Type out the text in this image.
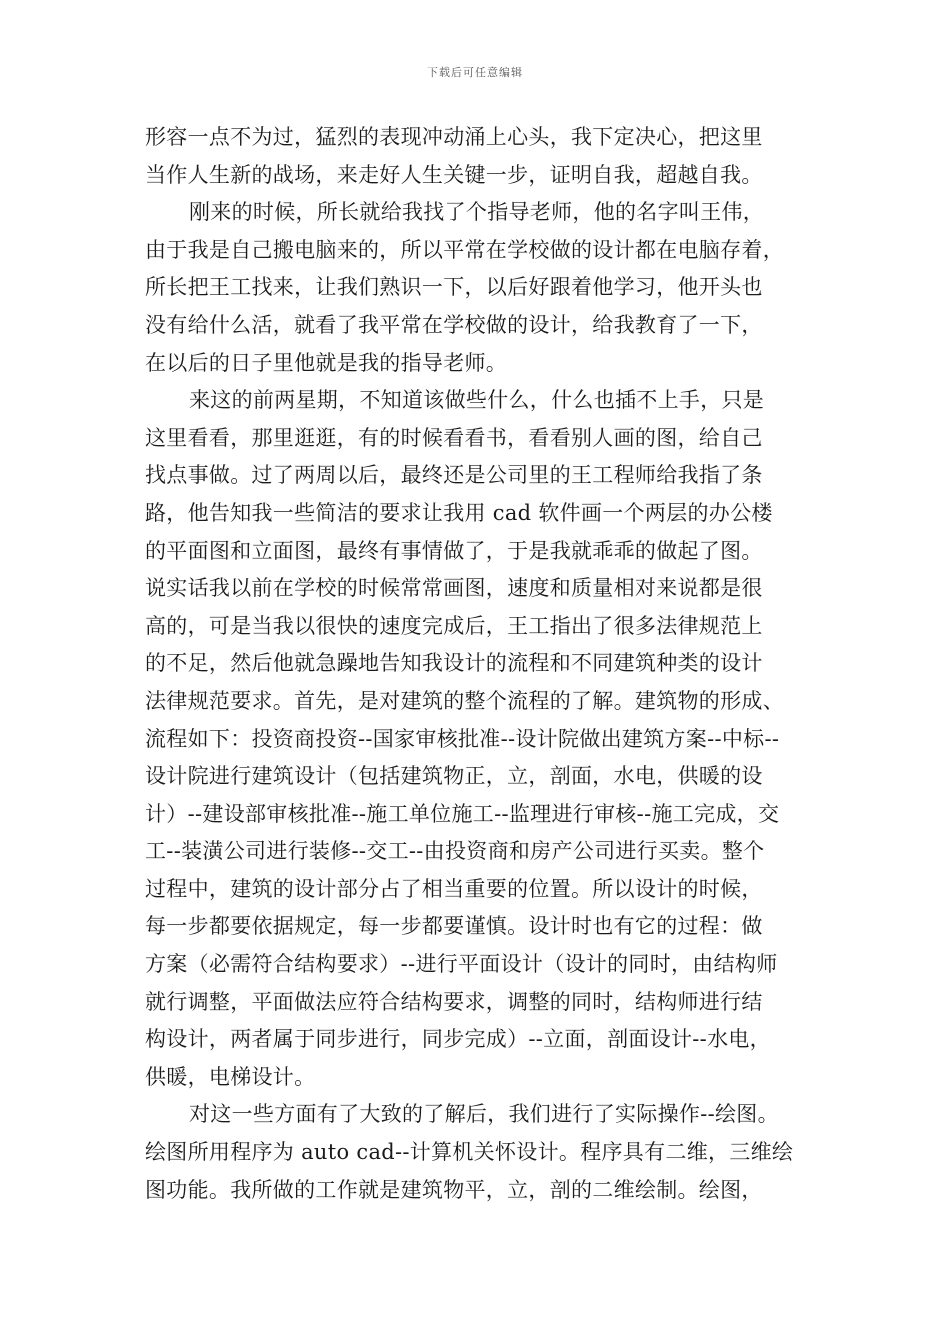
下载后可任意编辑
形容一点不为过，猛烈的表现冲动涌上心头，我下定决心，把这里
当作人生新的战场，来走好人生关键一步，证明自我，超越自我。
刚来的时候，所长就给我找了个指导老师，他的名字叫王伟，
由于我是自己搬电脑来的，所以平常在学校做的设计都在电脑存着，
所长把王工找来，让我们熟识一下，以后好跟着他学习，他开头也
没有给什么活，就看了我平常在学校做的设计，给我教育了一下，
在以后的日子里他就是我的指导老师。
来这的前两星期，不知道该做些什么，什么也插不上手，只是
这里看看，那里逛逛，有的时候看看书，看看别人画的图，给自己
找点事做。过了两周以后，最终还是公司里的王工程师给我指了条
路，他告知我一些简洁的要求让我用 cad 软件画一个两层的办公楼
的平面图和立面图，最终有事情做了，于是我就乖乖的做起了图。
说实话我以前在学校的时候常常画图，速度和质量相对来说都是很
高的，可是当我以很快的速度完成后，王工指出了很多法律规范上
的不足，然后他就急躁地告知我设计的流程和不同建筑种类的设计
法律规范要求。首先，是对建筑的整个流程的了解。建筑物的形成、
流程如下：投资商投资--国家审核批准--设计院做出建筑方案--中标--
设计院进行建筑设计（包括建筑物正，立，剖面，水电，供暖的设
计）--建设部审核批准--施工单位施工--监理进行审核--施工完成，交
工--装潢公司进行装修--交工--由投资商和房产公司进行买卖。整个
过程中，建筑的设计部分占了相当重要的位置。所以设计的时候，
每一步都要依据规定，每一步都要谨慎。设计时也有它的过程：做
方案（必需符合结构要求）--进行平面设计（设计的同时，由结构师
就行调整，平面做法应符合结构要求，调整的同时，结构师进行结
构设计，两者属于同步进行，同步完成）--立面，剖面设计--水电，
供暖，电梯设计。
对这一些方面有了大致的了解后，我们进行了实际操作--绘图。
绘图所用程序为 auto cad--计算机关怀设计。程序具有二维，三维绘
图功能。我所做的工作就是建筑物平，立，剖的二维绘制。绘图，
